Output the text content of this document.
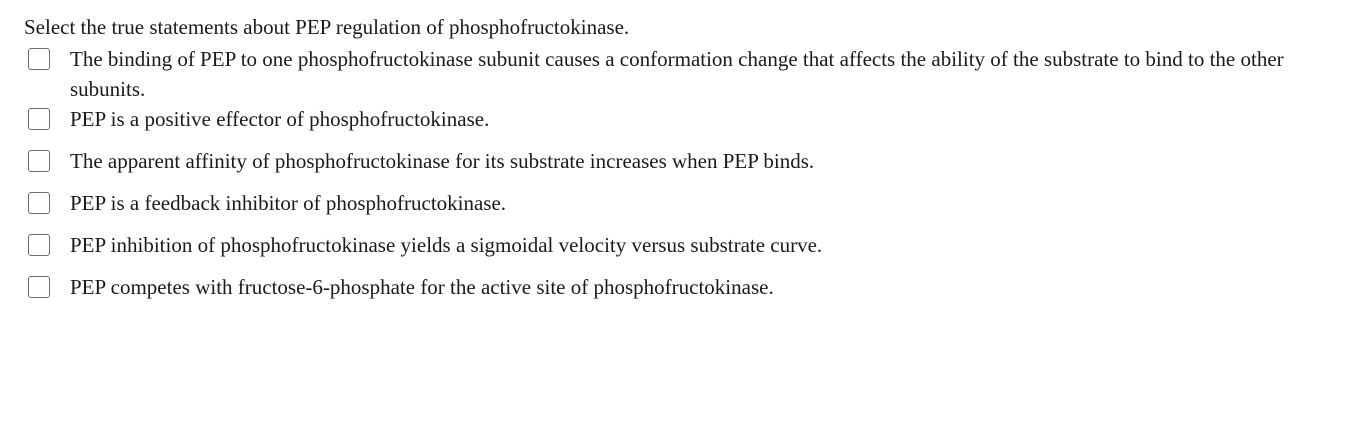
Select the true statements about PEP regulation of phosphofructokinase.

The binding of PEP to one phosphofructokinase subunit causes a conformation change that affects the ability of the substrate to bind to the other subunits.
PEP is a positive effector of phosphofructokinase.
The apparent affinity of phosphofructokinase for its substrate increases when PEP binds.
PEP is a feedback inhibitor of phosphofructokinase.
PEP inhibition of phosphofructokinase yields a sigmoidal velocity versus substrate curve.
PEP competes with fructose-6-phosphate for the active site of phosphofructokinase.
